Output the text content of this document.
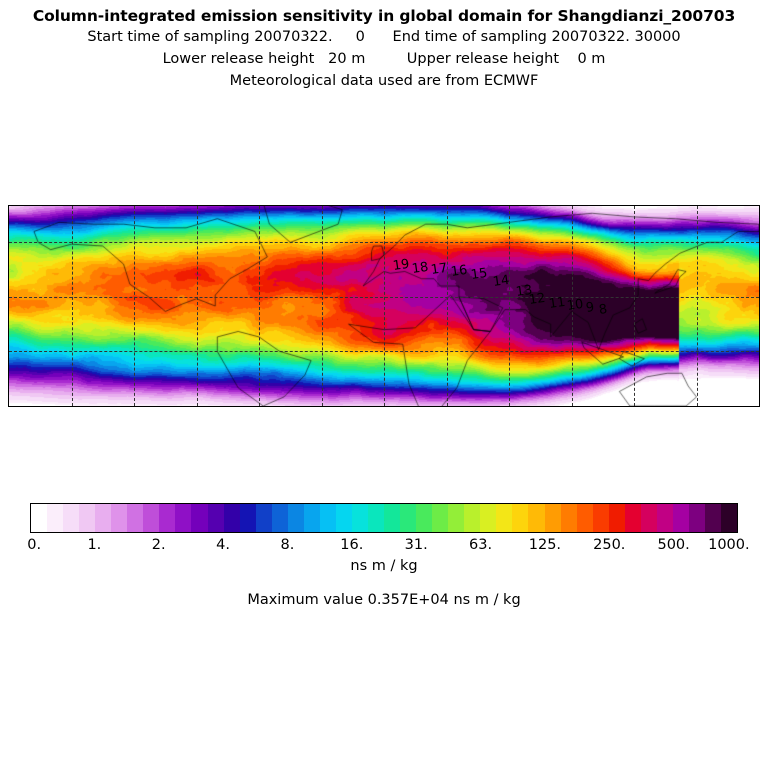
Column-integrated emission sensitivity in global domain for Shangdianzi_200703
Start time of sampling 20070322.     0      End time of sampling 20070322. 30000
Lower release height   20 m         Upper release height    0 m
Meteorological data used are from ECMWF
19 18 17 16 15 14
13
12 11 10 9 8
0.	1.	2.	4.	8.	16.	31.	63.	125. 250. 500. 1000.
ns m / kg
Maximum value 0.357E+04 ns m / kg
